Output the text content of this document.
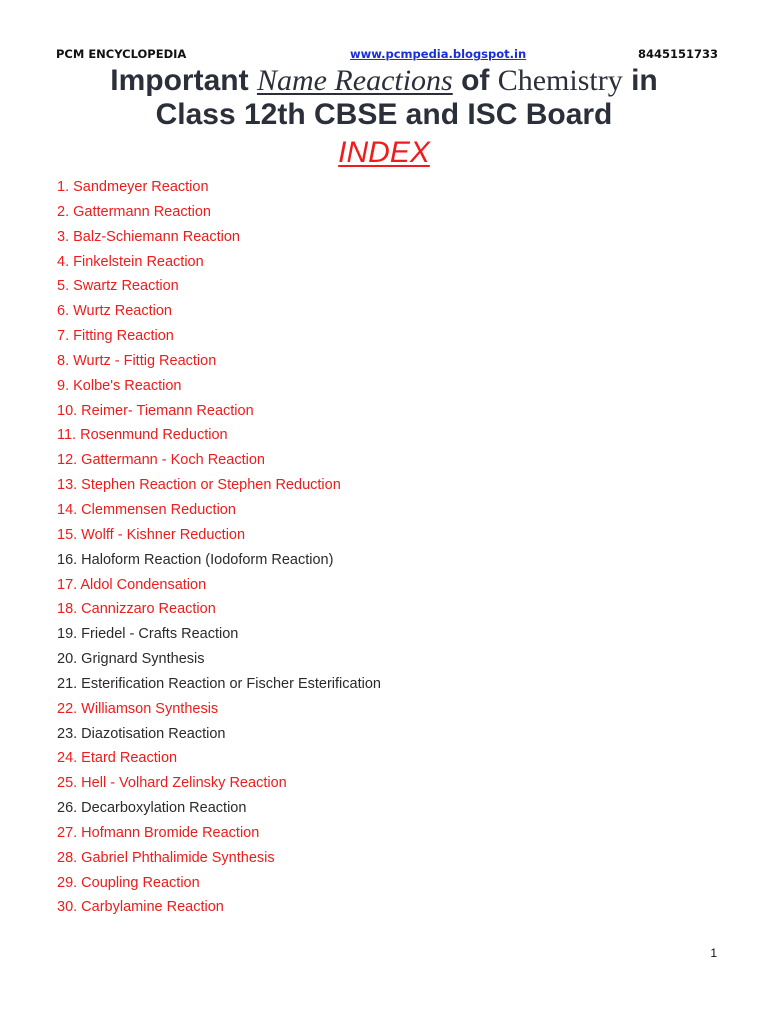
PCM ENCYCLOPEDIA	www.pcmpedia.blogspot.in	8445151733
Important Name Reactions of Chemistry in
Class 12th CBSE and ISC Board
INDEX
1. Sandmeyer Reaction
2. Gattermann Reaction
3. Balz-Schiemann Reaction
4. Finkelstein Reaction
5. Swartz Reaction
6. Wurtz Reaction
7. Fitting Reaction
8. Wurtz - Fittig Reaction
9. Kolbe's Reaction
10. Reimer- Tiemann Reaction
11. Rosenmund Reduction
12. Gattermann - Koch Reaction
13. Stephen Reaction or Stephen Reduction
14. Clemmensen Reduction
15. Wolff - Kishner Reduction
16. Haloform Reaction (Iodoform Reaction)
17. Aldol Condensation
18. Cannizzaro Reaction
19. Friedel - Crafts Reaction
20. Grignard Synthesis
21. Esterification Reaction or Fischer Esterification
22. Williamson Synthesis
23. Diazotisation Reaction
24. Etard Reaction
25. Hell - Volhard Zelinsky Reaction
26. Decarboxylation Reaction
27. Hofmann Bromide Reaction
28. Gabriel Phthalimide Synthesis
29. Coupling Reaction
30. Carbylamine Reaction
1
